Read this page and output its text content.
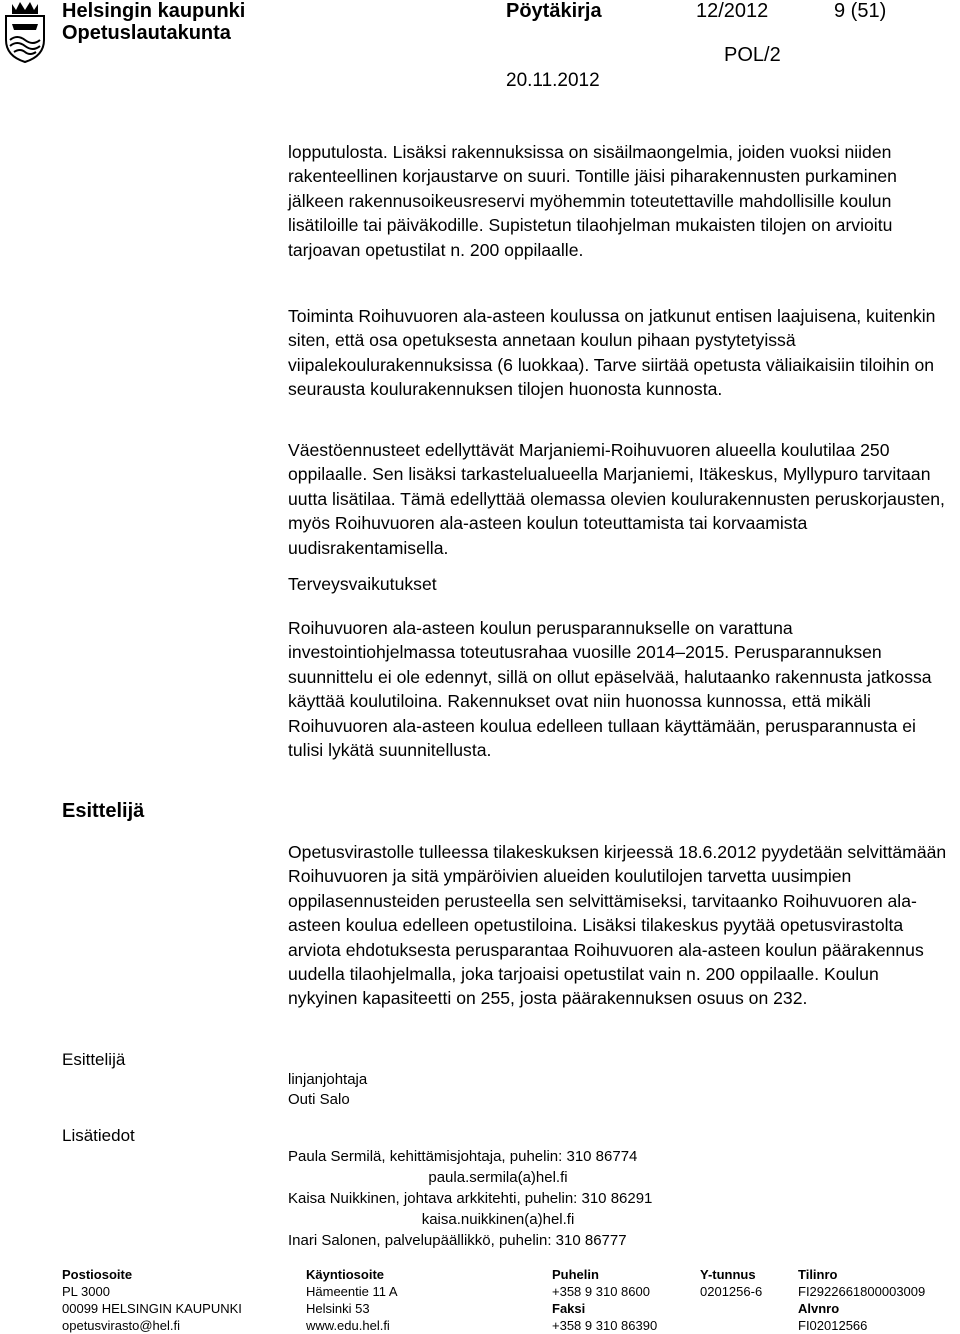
Helsingin kaupunki
Opetuslautakunta
Pöytäkirja	12/2012	9 (51)
POL/2
20.11.2012
lopputulosta. Lisäksi rakennuksissa on sisäilmaongelmia, joiden vuoksi niiden rakenteellinen korjaustarve on suuri. Tontille jäisi piharakennusten purkaminen jälkeen rakennusoikeusreservi myöhemmin toteutettaville mahdollisille koulun lisätiloille tai päiväkodille. Supistetun tilaohjelman mukaisten tilojen on arvioitu tarjoavan opetustilat n. 200 oppilaalle.
Toiminta Roihuvuoren ala-asteen koulussa on jatkunut entisen laajuisena, kuitenkin siten, että osa opetuksesta annetaan koulun pihaan pystytetyissä viipalekoulurakennuksissa (6 luokkaa). Tarve siirtää opetusta väliaikaisiin tiloihin on seurausta koulurakennuksen tilojen huonosta kunnosta.
Väestöennusteet edellyttävät Marjaniemi-Roihuvuoren alueella koulutilaa 250 oppilaalle. Sen lisäksi tarkastelualueella Marjaniemi, Itäkeskus, Myllypuro tarvitaan uutta lisätilaa. Tämä edellyttää olemassa olevien koulurakennusten peruskorjausten, myös Roihuvuoren ala-asteen koulun toteuttamista tai korvaamista uudisrakentamisella.
Terveysvaikutukset
Roihuvuoren ala-asteen koulun perusparannukselle on varattuna investointiohjelmassa toteutusrahaa vuosille 2014–2015. Perusparannuksen suunnittelu ei ole edennyt, sillä on ollut epäselvää, halutaanko rakennusta jatkossa käyttää koulutiloina. Rakennukset ovat niin huonossa kunnossa, että mikäli Roihuvuoren ala-asteen koulua edelleen tullaan käyttämään, perusparannusta ei tulisi lykätä suunnitellusta.
Opetusvirastolle tulleessa tilakeskuksen kirjeessä 18.6.2012 pyydetään selvittämään Roihuvuoren ja sitä ympäröivien alueiden koulutilojen tarvetta uusimpien oppilasennusteiden perusteella sen selvittämiseksi, tarvitaanko Roihuvuoren ala-asteen koulua edelleen opetustiloina. Lisäksi tilakeskus pyytää opetusvirastolta arviota ehdotuksesta perusparantaa Roihuvuoren ala-asteen koulun päärakennus uudella tilaohjelmalla, joka tarjoaisi opetustilat vain n. 200 oppilaalle. Koulun nykyinen kapasiteetti on 255, josta päärakennuksen osuus on 232.
Esittelijä
Esittelijä
Lisätiedot
linjanjohtaja
Outi Salo
Paula Sermilä, kehittämisjohtaja, puhelin: 310 86774
paula.sermila(a)hel.fi
Kaisa Nuikkinen, johtava arkkitehti, puhelin: 310 86291
kaisa.nuikkinen(a)hel.fi
Inari Salonen, palvelupäällikkö, puhelin: 310 86777
Postiosoite
PL 3000
00099 HELSINGIN KAUPUNKI
opetusvirasto@hel.fi
Käyntiosoite
Hämeentie 11 A
Helsinki 53
www.edu.hel.fi
Puhelin
+358 9 310 8600
Faksi
+358 9 310 86390
Y-tunnus
0201256-6
Tilinro
FI2922661800003009
Alvnro
FI02012566
